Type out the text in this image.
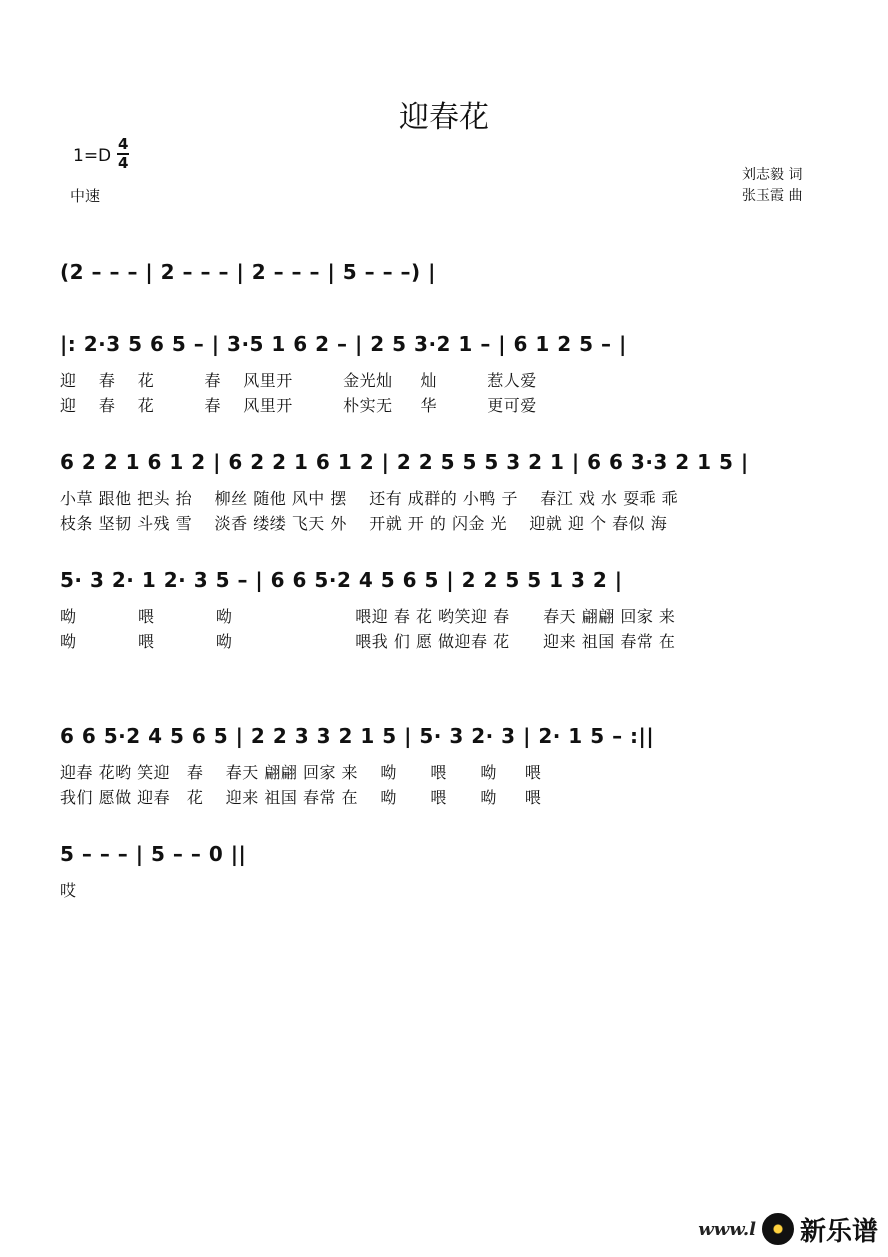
迎春花
$1=D \frac{4}{4}$
中速
刘志毅 词
张玉霞 曲
(2 – – – | 2 – – – | 2 – – – | 5 – – –) |
|: 2·3 5 6 5 – | 3·5 1 6 2 – | 2 5 3·2 1 – | 6 1 2 5 – |
迎    春    花         春    风里开         金光灿     灿         惹人爱
迎    春    花         春    风里开         朴实无     华         更可爱
6 2 2 1 6 1 2 | 6 2 2 1 6 1 2 | 2 2 5 5 5 3 2 1 | 6 6 3·3 2 1 5 |
小草 跟他 把头 抬    柳丝 随他 风中 摆    还有 成群的 小鸭 子    春江 戏 水 耍乖 乖
枝条 坚韧 斗残 雪    淡香 缕缕 飞天 外    开就 开 的 闪金 光    迎就 迎 个 春似 海
5· 3 2· 1 2· 3 5 – | 6 6 5·2 4 5 6 5 | 2 2 5 5 1 3 2 |
呦           喂           呦                      喂迎 春 花 哟笑迎 春      春天 翩翩 回家 来
呦           喂           呦                      喂我 们 愿 做迎春 花      迎来 祖国 春常 在
6 6 5·2 4 5 6 5 | 2 2 3 3 2 1 5 | 5· 3 2· 3 | 2· 1 5 – :||
迎春 花哟 笑迎   春    春天 翩翩 回家 来    呦      喂      呦     喂
我们 愿做 迎春   花    迎来 祖国 春常 在    呦      喂      呦     喂
5 – – – | 5 – – 0 ||
哎
www.l 新乐谱
